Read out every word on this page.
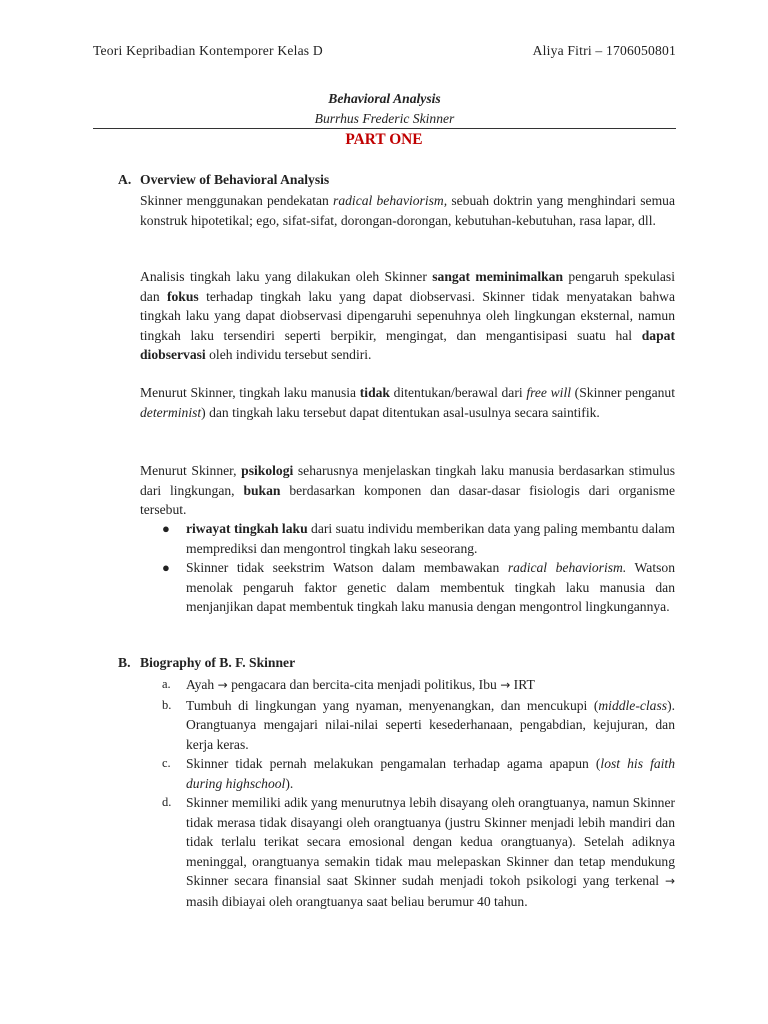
Teori Kepribadian Kontemporer Kelas D	Aliya Fitri – 1706050801
Behavioral Analysis
Burrhus Frederic Skinner
PART ONE
A. Overview of Behavioral Analysis
Skinner menggunakan pendekatan radical behaviorism, sebuah doktrin yang menghindari semua konstruk hipotetikal; ego, sifat-sifat, dorongan-dorongan, kebutuhan-kebutuhan, rasa lapar, dll.
Analisis tingkah laku yang dilakukan oleh Skinner sangat meminimalkan pengaruh spekulasi dan fokus terhadap tingkah laku yang dapat diobservasi. Skinner tidak menyatakan bahwa tingkah laku yang dapat diobservasi dipengaruhi sepenuhnya oleh lingkungan eksternal, namun tingkah laku tersendiri seperti berpikir, mengingat, dan mengantisipasi suatu hal dapat diobservasi oleh individu tersebut sendiri.
Menurut Skinner, tingkah laku manusia tidak ditentukan/berawal dari free will (Skinner penganut determinist) dan tingkah laku tersebut dapat ditentukan asal-usulnya secara saintifik.
Menurut Skinner, psikologi seharusnya menjelaskan tingkah laku manusia berdasarkan stimulus dari lingkungan, bukan berdasarkan komponen dan dasar-dasar fisiologis dari organisme tersebut.
● riwayat tingkah laku dari suatu individu memberikan data yang paling membantu dalam memprediksi dan mengontrol tingkah laku seseorang.
● Skinner tidak seekstrim Watson dalam membawakan radical behaviorism. Watson menolak pengaruh faktor genetic dalam membentuk tingkah laku manusia dan menjanjikan dapat membentuk tingkah laku manusia dengan mengontrol lingkungannya.
B. Biography of B. F. Skinner
a. Ayah → pengacara dan bercita-cita menjadi politikus, Ibu → IRT
b. Tumbuh di lingkungan yang nyaman, menyenangkan, dan mencukupi (middle-class). Orangtuanya mengajari nilai-nilai seperti kesederhanaan, pengabdian, kejujuran, dan kerja keras.
c. Skinner tidak pernah melakukan pengamalan terhadap agama apapun (lost his faith during highschool).
d. Skinner memiliki adik yang menurutnya lebih disayang oleh orangtuanya, namun Skinner tidak merasa tidak disayangi oleh orangtuanya (justru Skinner menjadi lebih mandiri dan tidak terlalu terikat secara emosional dengan kedua orangtuanya). Setelah adiknya meninggal, orangtuanya semakin tidak mau melepaskan Skinner dan tetap mendukung Skinner secara finansial saat Skinner sudah menjadi tokoh psikologi yang terkenal → masih dibiayai oleh orangtuanya saat beliau berumur 40 tahun.
